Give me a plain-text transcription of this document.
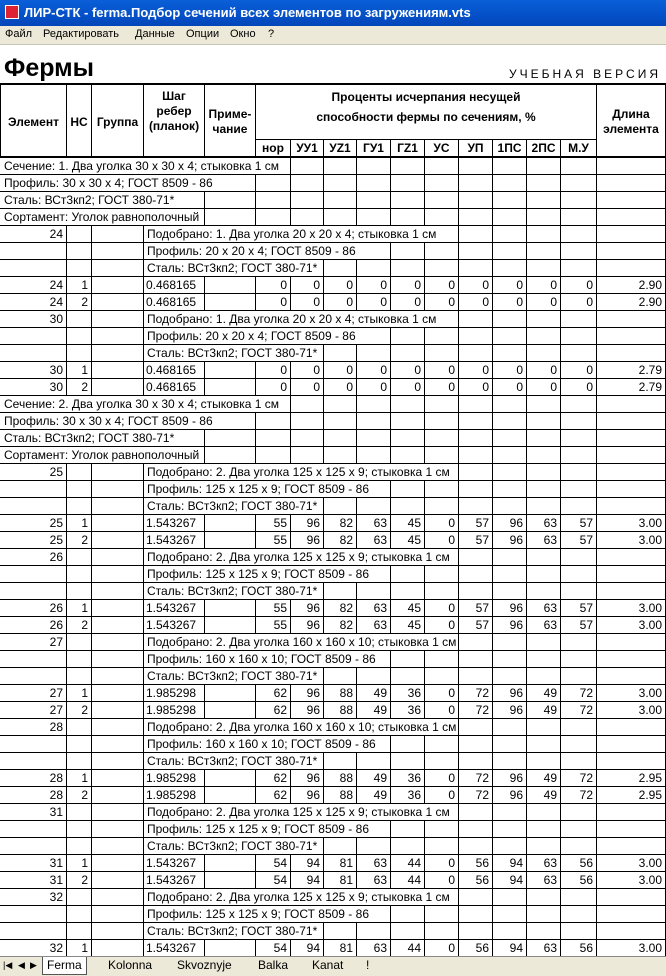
ЛИР-СТК - ferma.Подбор сечений всех элементов по загружениям.vts
Файл Редактировать Данные Опции Окно ?
Фермы	УЧЕБНАЯ ВЕРСИЯ
Элемент НС Группа
Шаг
ребер
(планок)
Приме-
чание
Проценты исчерпания несущей
способности фермы по сечениям, %	Длина
элемента
нор	УУ1 УZ1	ГУ1	ГZ1	УС	УП	1ПС 2ПС	М.У
Сечение: 1. Два уголка 30 х 30 х 4; стыковка 1 см
Профиль: 30 х 30 х 4; ГОСТ 8509 - 86
Сталь: ВСт3кп2; ГОСТ 380-71*
Сортамент: Уголок равнополочный
24	Подобрано: 1. Два уголка 20 х 20 х 4; стыковка 1 см
Профиль: 20 х 20 х 4; ГОСТ 8509 - 86
Сталь: ВСт3кп2; ГОСТ 380-71*
24	1	0.468165	0	0	0	0	0	0	0	0	0	0	2.90
24	2	0.468165	0	0	0	0	0	0	0	0	0	0	2.90
30	Подобрано: 1. Два уголка 20 х 20 х 4; стыковка 1 см
Профиль: 20 х 20 х 4; ГОСТ 8509 - 86
Сталь: ВСт3кп2; ГОСТ 380-71*
30	1	0.468165	0	0	0	0	0	0	0	0	0	0	2.79
30	2	0.468165	0	0	0	0	0	0	0	0	0	0	2.79
Сечение: 2. Два уголка 30 х 30 х 4; стыковка 1 см
Профиль: 30 х 30 х 4; ГОСТ 8509 - 86
Сталь: ВСт3кп2; ГОСТ 380-71*
Сортамент: Уголок равнополочный
25	Подобрано: 2. Два уголка 125 х 125 х 9; стыковка 1 см
Профиль: 125 х 125 х 9; ГОСТ 8509 - 86
Сталь: ВСт3кп2; ГОСТ 380-71*
25	1	1.543267	55	96	82	63	45	0	57	96	63	57	3.00
25	2	1.543267	55	96	82	63	45	0	57	96	63	57	3.00
26	Подобрано: 2. Два уголка 125 х 125 х 9; стыковка 1 см
Профиль: 125 х 125 х 9; ГОСТ 8509 - 86
Сталь: ВСт3кп2; ГОСТ 380-71*
26	1	1.543267	55	96	82	63	45	0	57	96	63	57	3.00
26	2	1.543267	55	96	82	63	45	0	57	96	63	57	3.00
27	Подобрано: 2. Два уголка 160 х 160 х 10; стыковка 1 см
Профиль: 160 х 160 х 10; ГОСТ 8509 - 86
Сталь: ВСт3кп2; ГОСТ 380-71*
27	1	1.985298	62	96	88	49	36	0	72	96	49	72	3.00
27	2	1.985298	62	96	88	49	36	0	72	96	49	72	3.00
28	Подобрано: 2. Два уголка 160 х 160 х 10; стыковка 1 см
Профиль: 160 х 160 х 10; ГОСТ 8509 - 86
Сталь: ВСт3кп2; ГОСТ 380-71*
28	1	1.985298	62	96	88	49	36	0	72	96	49	72	2.95
28	2	1.985298	62	96	88	49	36	0	72	96	49	72	2.95
31	Подобрано: 2. Два уголка 125 х 125 х 9; стыковка 1 см
Профиль: 125 х 125 х 9; ГОСТ 8509 - 86
Сталь: ВСт3кп2; ГОСТ 380-71*
31	1	1.543267	54	94	81	63	44	0	56	94	63	56	3.00
31	2	1.543267	54	94	81	63	44	0	56	94	63	56	3.00
32	Подобрано: 2. Два уголка 125 х 125 х 9; стыковка 1 см
Профиль: 125 х 125 х 9; ГОСТ 8509 - 86
Сталь: ВСт3кп2; ГОСТ 380-71*
32	1	1.543267	54	94	81	63	44	0	56	94	63	56	3.00
|◀ ◀ ▶ Ferma	Kolonna Skvoznyje Balka Kanat !
